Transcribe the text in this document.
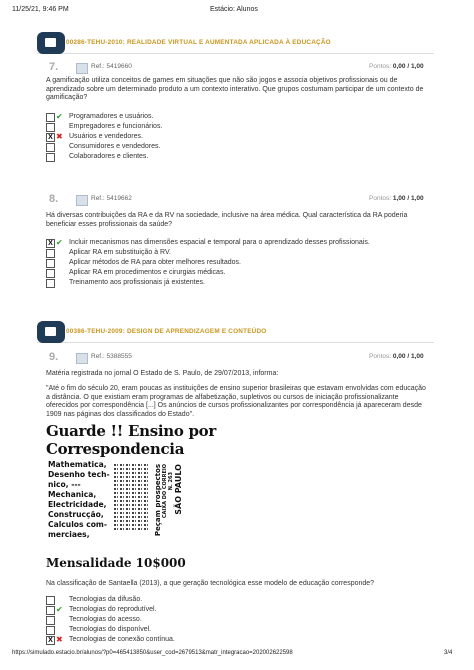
11/25/21, 9:46 PM	Estácio: Alunos
00286-TEHU-2010: REALIDADE VIRTUAL E AUMENTADA APLICADA À EDUCAÇÃO
7.	Ref.: 5419660	Pontos: 0,00 / 1,00

A gamificação utiliza conceitos de games em situações que não são jogos e associa objetivos profissionais ou de aprendizado sobre um determinado produto a um contexto interativo. Que grupos costumam participar de um contexto de gamificação?

✔ Programadores e usuários.
Empregadores e funcionários.
X ✖ Usuários e vendedores.
Consumidores e vendedores.
Colaboradores e clientes.
8.	Ref.: 5419662	Pontos: 1,00 / 1,00

Há diversas contribuições da RA e da RV na sociedade, inclusive na área médica. Qual característica da RA poderia beneficiar esses profissionais da saúde?

X ✔ Incluir mecanismos nas dimensões espacial e temporal para o aprendizado desses profissionais.
Aplicar RA em substituição à RV.
Aplicar métodos de RA para obter melhores resultados.
Aplicar RA em procedimentos e cirurgias médicas.
Treinamento aos profissionais já existentes.
00386-TEHU-2009: DESIGN DE APRENDIZAGEM E CONTEÚDO
9.	Ref.: 5388555	Pontos: 0,00 / 1,00

Matéria registrada no jornal O Estado de S. Paulo, de 29/07/2013, informa:

"Até o fim do século 20, eram poucas as instituições de ensino superior brasileiras que estavam envolvidas com educação a distância. O que existiam eram programas de alfabetização, supletivos ou cursos de iniciação profissionalizante oferecidos por correspondência [...] Os anúncios de cursos profissionalizantes por correspondência já apareceram desde 1909 nas páginas dos classificados do Estado".

Guarde !! Ensino por
Correspondencia
Mathematica,
Desenho tech-
nico, ---
Mechanica,
Electricidade,
Construcção,
Calculos com-
merciaes,	Peçam prospectos CAIXA DO CORREIO N. 263 SÃO PAULO
Mensalidade 10$000

Na classificação de Santaella (2013), a que geração tecnológica esse modelo de educação corresponde?

Tecnologias da difusão.
✔ Tecnologias do reprodutível.
Tecnologias do acesso.
Tecnologias do disponível.
X ✖ Tecnologias de conexão contínua.
https://simulado.estacio.br/alunos/?p0=465413850&user_cod=2679513&matr_integracao=202002622598	3/4
